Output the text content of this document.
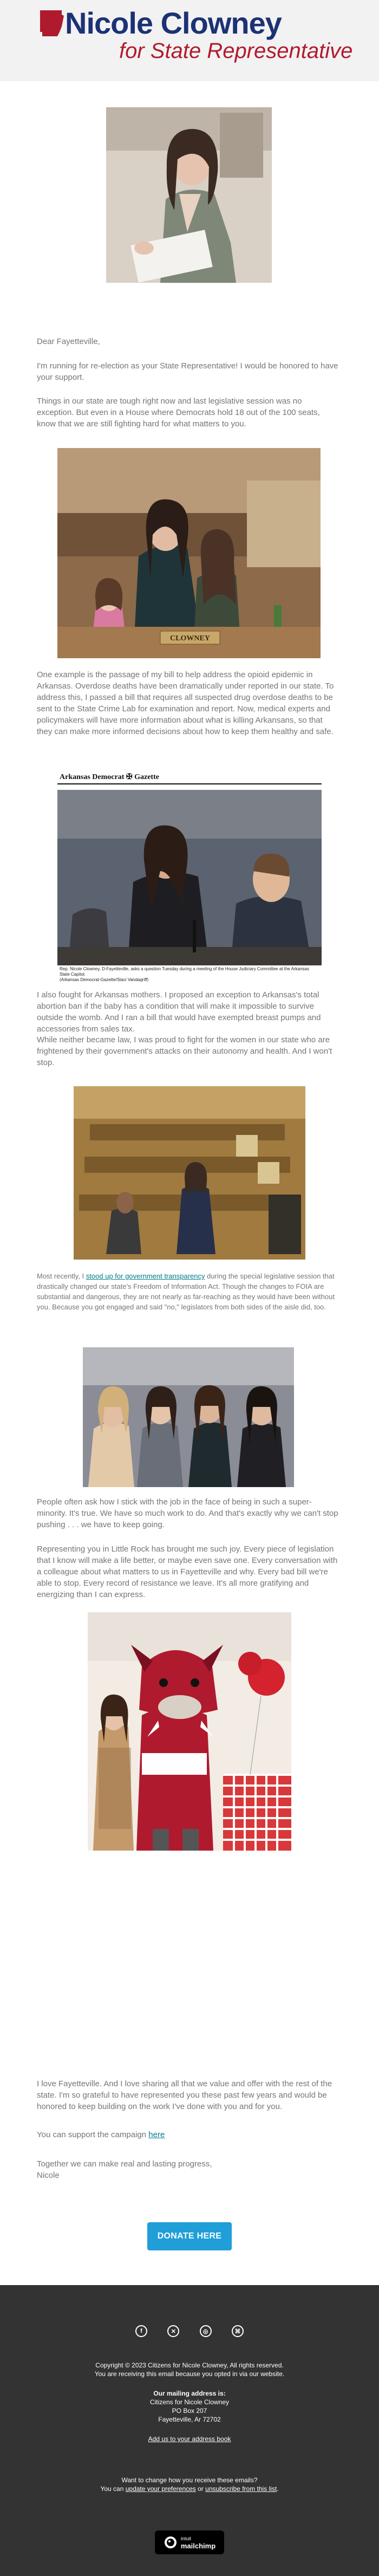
Nicole Clowney
for State Representative

Dear Fayetteville,

I'm running for re-election as your State Representative! I would be honored to have your support.

Things in our state are tough right now and last legislative session was no exception. But even in a House where Democrats hold 18 out of the 100 seats, know that we are still fighting hard for what matters to you.

CLOWNEY

One example is the passage of my bill to help address the opioid epidemic in Arkansas. Overdose deaths have been dramatically under reported in our state. To address this, I passed a bill that requires all suspected drug overdose deaths to be sent to the State Crime Lab for examination and report. Now, medical experts and policymakers will have more information about what is killing Arkansans, so that they can make more informed decisions about how to keep them healthy and safe.

Arkansas Democrat ✠ Gazette
Rep. Nicole Clowney, D-Fayetteville, asks a question Tuesday during a meeting of the House Judiciary Committee at the Arkansas State Capitol.
(Arkansas Democrat-Gazette/Staci Vandagriff)

I also fought for Arkansas mothers. I proposed an exception to Arkansas's total abortion ban if the baby has a condition that will make it impossible to survive outside the womb. And I ran a bill that would have exempted breast pumps and accessories from sales tax.

While neither became law, I was proud to fight for the women in our state who are frightened by their government's attacks on their autonomy and health. And I won't stop.

Most recently, I stood up for government transparency during the special legislative session that drastically changed our state's Freedom of Information Act. Though the changes to FOIA are substantial and dangerous, they are not nearly as far-reaching as they would have been without you. Because you got engaged and said "no," legislators from both sides of the aisle did, too.

People often ask how I stick with the job in the face of being in such a super-minority. It's true. We have so much work to do. And that's exactly why we can't stop pushing . . . we have to keep going.

Representing you in Little Rock has brought me such joy. Every piece of legislation that I know will make a life better, or maybe even save one. Every conversation with a colleague about what matters to us in Fayetteville and why. Every bad bill we're able to stop. Every record of resistance we leave. It's all more gratifying and energizing than I can express.

I love Fayetteville. And I love sharing all that we value and offer with the rest of the state. I'm so grateful to have represented you these past few years and would be honored to keep building on the work I've done with you and for you.

You can support the campaign here

Together we can make real and lasting progress,

Nicole

DONATE HERE
f	✕	◎	⌘
Copyright © 2023 Citizens for Nicole Clowney, All rights reserved.
You are receiving this email because you opted in via our website.
Our mailing address is:
Citizens for Nicole Clowney
PO Box 207
Fayetteville, Ar 72702
Add us to your address book
Want to change how you receive these emails?
You can update your preferences or unsubscribe from this list.
intuit
mailchimp
